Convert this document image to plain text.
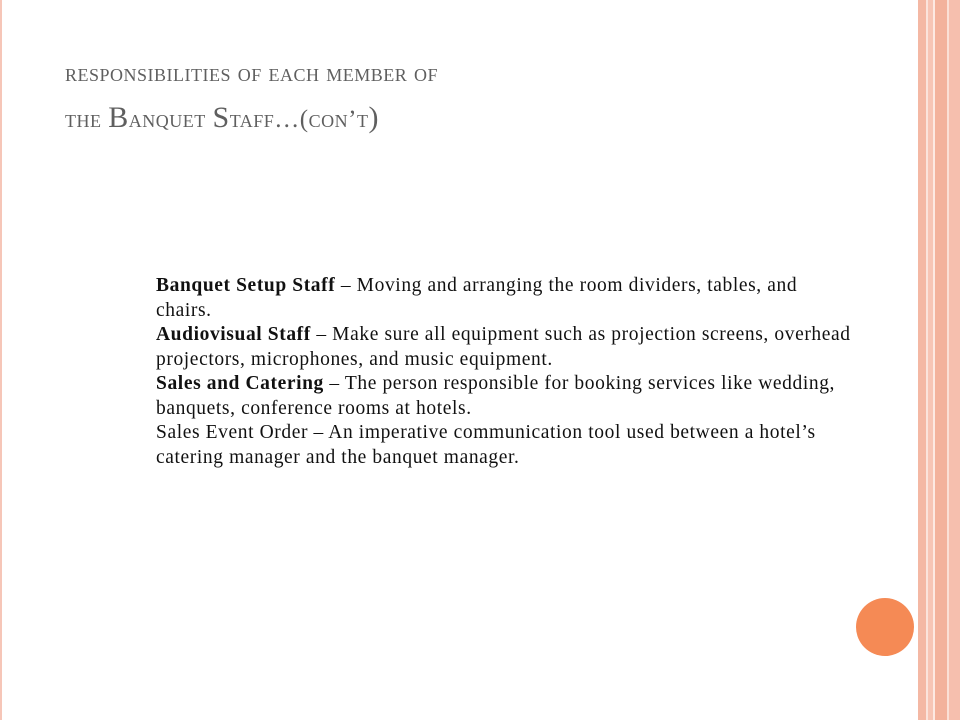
responsibilities of each member of
the Banquet Staff…(con’t)

Banquet Setup Staff – Moving and arranging the room dividers, tables, and chairs.

Audiovisual Staff – Make sure all equipment such as projection screens, overhead projectors, microphones, and music equipment.

Sales and Catering – The person responsible for booking services like wedding, banquets, conference rooms at hotels.

Sales Event Order – An imperative communication tool used between a hotel’s catering manager and the banquet manager.
